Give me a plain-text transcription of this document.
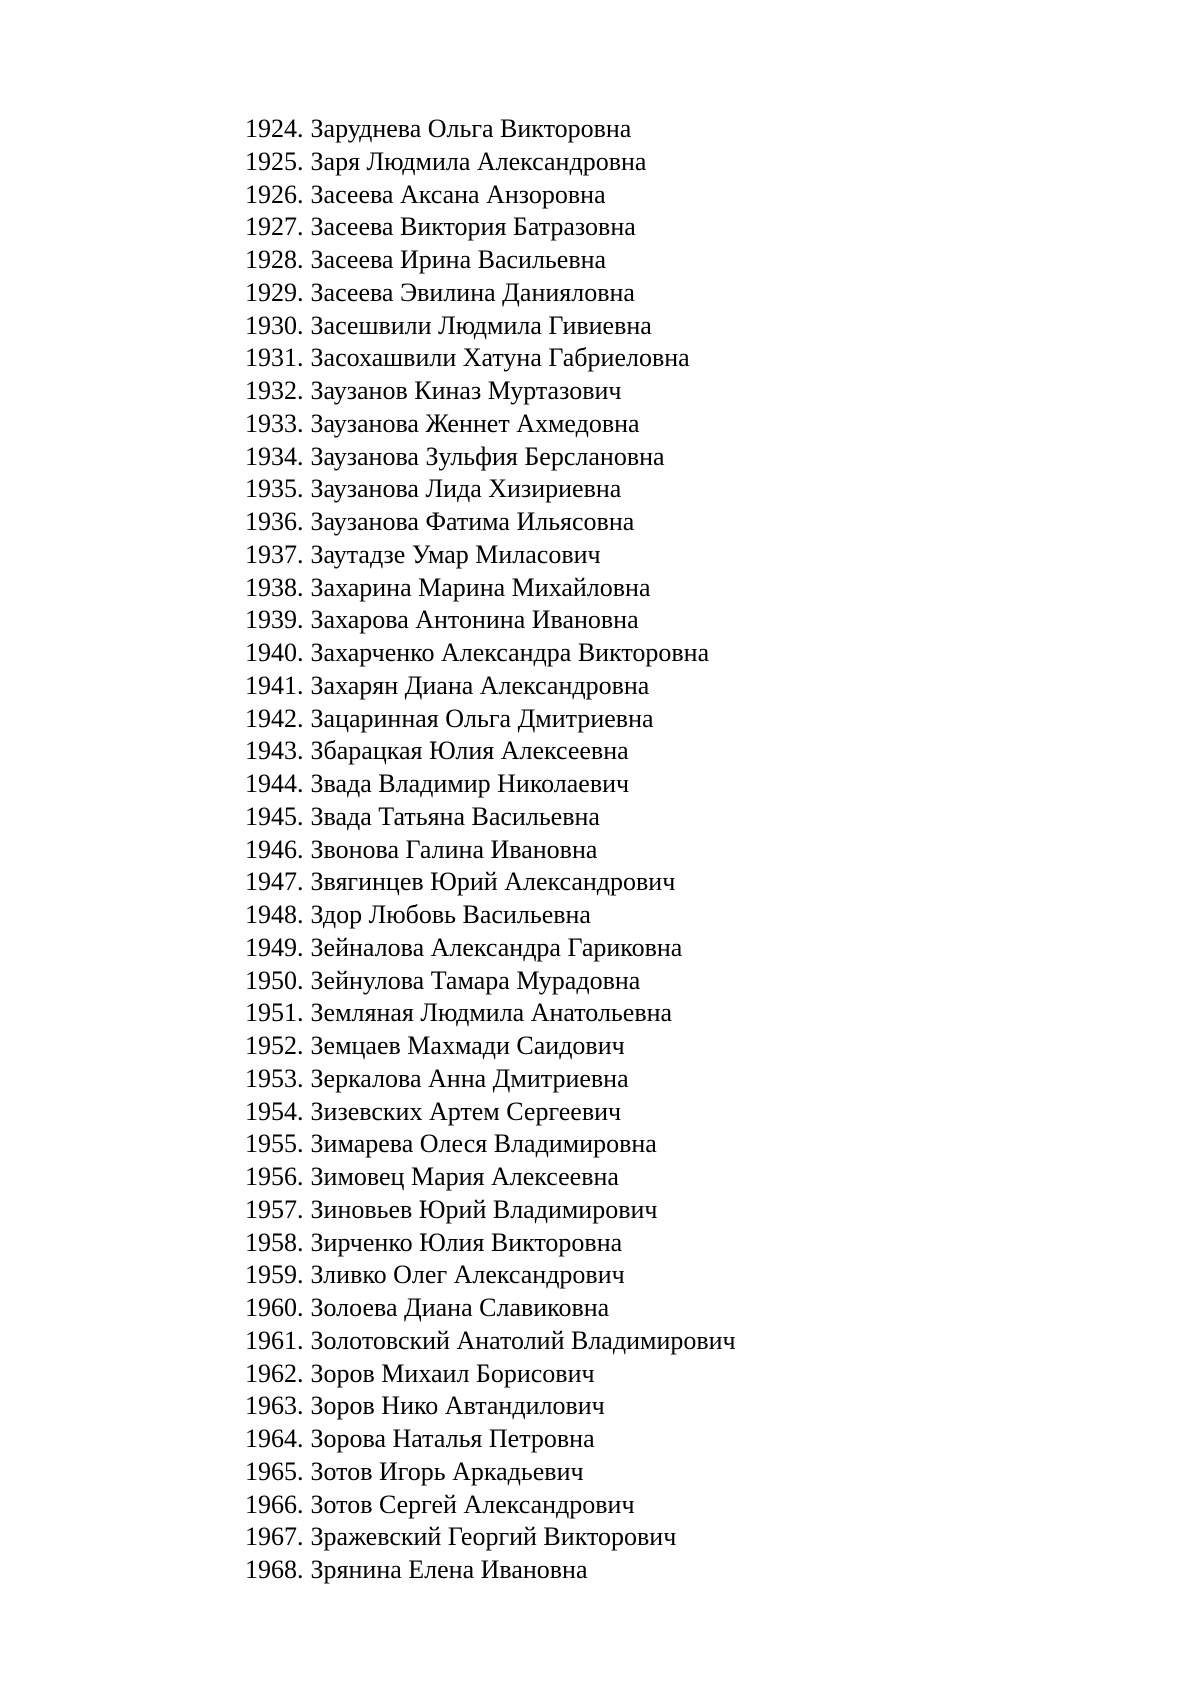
1924. Заруднева Ольга Викторовна
1925. Заря Людмила Александровна
1926. Засеева Аксана Анзоровна
1927. Засеева Виктория Батразовна
1928. Засеева Ирина Васильевна
1929. Засеева Эвилина Данияловна
1930. Засешвили Людмила Гивиевна
1931. Засохашвили Хатуна Габриеловна
1932. Заузанов Киназ Муртазович
1933. Заузанова Женнет Ахмедовна
1934. Заузанова Зульфия Берслановна
1935. Заузанова Лида Хизириевна
1936. Заузанова Фатима Ильясовна
1937. Заутадзе Умар Миласович
1938. Захарина Марина Михайловна
1939. Захарова Антонина Ивановна
1940. Захарченко Александра Викторовна
1941. Захарян Диана Александровна
1942. Зацаринная Ольга Дмитриевна
1943. Збарацкая Юлия Алексеевна
1944. Звада Владимир Николаевич
1945. Звада Татьяна Васильевна
1946. Звонова Галина Ивановна
1947. Звягинцев Юрий Александрович
1948. Здор Любовь Васильевна
1949. Зейналова Александра Гариковна
1950. Зейнулова Тамара Мурадовна
1951. Земляная Людмила Анатольевна
1952. Земцаев Махмади Саидович
1953. Зеркалова Анна Дмитриевна
1954. Зизевских Артем Сергеевич
1955. Зимарева Олеся Владимировна
1956. Зимовец Мария Алексеевна
1957. Зиновьев Юрий Владимирович
1958. Зирченко Юлия Викторовна
1959. Зливко Олег Александрович
1960. Золоева Диана Славиковна
1961. Золотовский Анатолий Владимирович
1962. Зоров Михаил Борисович
1963. Зоров Нико Автандилович
1964. Зорова Наталья Петровна
1965. Зотов Игорь Аркадьевич
1966. Зотов Сергей Александрович
1967. Зражевский Георгий Викторович
1968. Зрянина Елена Ивановна
